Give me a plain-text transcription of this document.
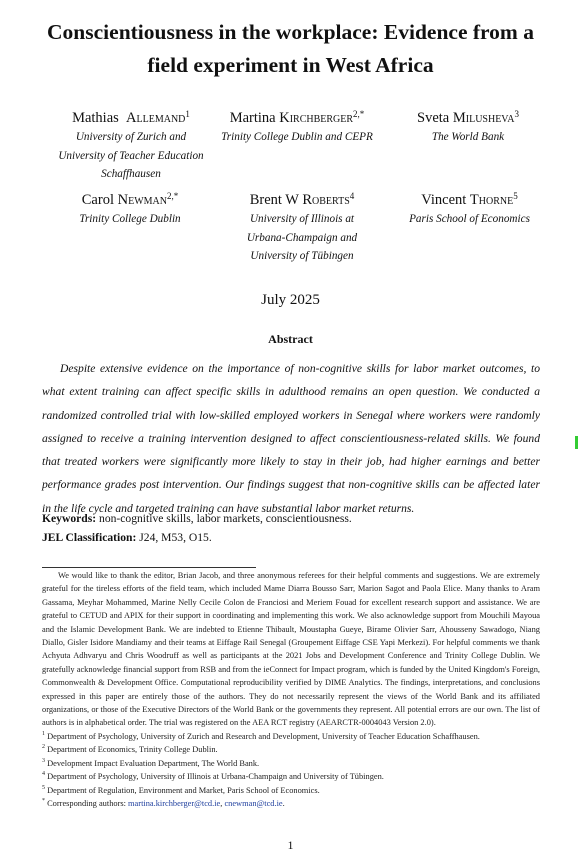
Conscientiousness in the workplace: Evidence from a field experiment in West Africa
Mathias Allemand$^1$
University of Zurich and
University of Teacher Education
Schaffhausen
Martina Kirchberger$^{2,*}$
Trinity College Dublin and CEPR
Sveta Milusheva$^3$
The World Bank
Carol Newman$^{2,*}$
Trinity College Dublin
Brent W Roberts$^4$
University of Illinois at
Urbana-Champaign and
University of Tübingen
Vincent Thorne$^5$
Paris School of Economics
July 2025
Abstract
Despite extensive evidence on the importance of non-cognitive skills for labor market outcomes, to what extent training can affect specific skills in adulthood remains an open question. We conducted a randomized controlled trial with low-skilled employed workers in Senegal where workers were randomly assigned to receive a training intervention designed to affect conscientiousness-related skills. We found that treated workers were significantly more likely to stay in their job, had higher earnings and better performance grades post intervention. Our findings suggest that non-cognitive skills can be affected later in the life cycle and targeted training can have substantial labor market returns.
Keywords: non-cognitive skills, labor markets, conscientiousness.
JEL Classification: J24, M53, O15.

We would like to thank the editor, Brian Jacob, and three anonymous referees for their helpful comments and suggestions. We are extremely grateful for the tireless efforts of the field team, which included Mame Diarra Bousso Sarr, Marion Sagot and Paola Elice. Many thanks to Aram Gassama, Meyhar Mohammed, Marine Nelly Cecile Colon de Franciosi and Meriem Fouad for excellent research support and assistance. We are grateful to CETUD and APIX for their support in coordinating and implementing this work. We also acknowledge support from Mouchili Mayoua and the Islamic Development Bank. We are indebted to Etienne Thibault, Moustapha Gueye, Birame Olivier Sarr, Ahousseny Sawadogo, Niang Diallo, Gisler Isidore Mandiamy and their teams at Eiffage Rail Senegal (Groupement Eiffage CSE Yapi Merkezi). For helpful comments we thank Achyuta Adhvaryu and Chris Woodruff as well as participants at the 2021 Jobs and Development Conference and Trinity College Dublin. We gratefully acknowledge financial support from RSB and from the ieConnect for Impact program, which is funded by the United Kingdom's Foreign, Commonwealth & Development Office. Computational reproducibility verified by DIME Analytics. The findings, interpretations, and conclusions expressed in this paper are entirely those of the authors. They do not necessarily represent the views of the World Bank and its affiliated organizations, or those of the Executive Directors of the World Bank or the governments they represent. All potential errors are our own. The list of authors is in alphabetical order. The trial was registered on the AEA RCT registry (AEARCTR-0004043 Version 2.0).

$^1$ Department of Psychology, University of Zurich and Research and Development, University of Teacher Education Schaffhausen.

$^2$ Department of Economics, Trinity College Dublin.

$^3$ Development Impact Evaluation Department, The World Bank.

$^4$ Department of Psychology, University of Illinois at Urbana-Champaign and University of Tübingen.

$^5$ Department of Regulation, Environment and Market, Paris School of Economics.

* Corresponding authors: martina.kirchberger@tcd.ie, cnewman@tcd.ie.

1
